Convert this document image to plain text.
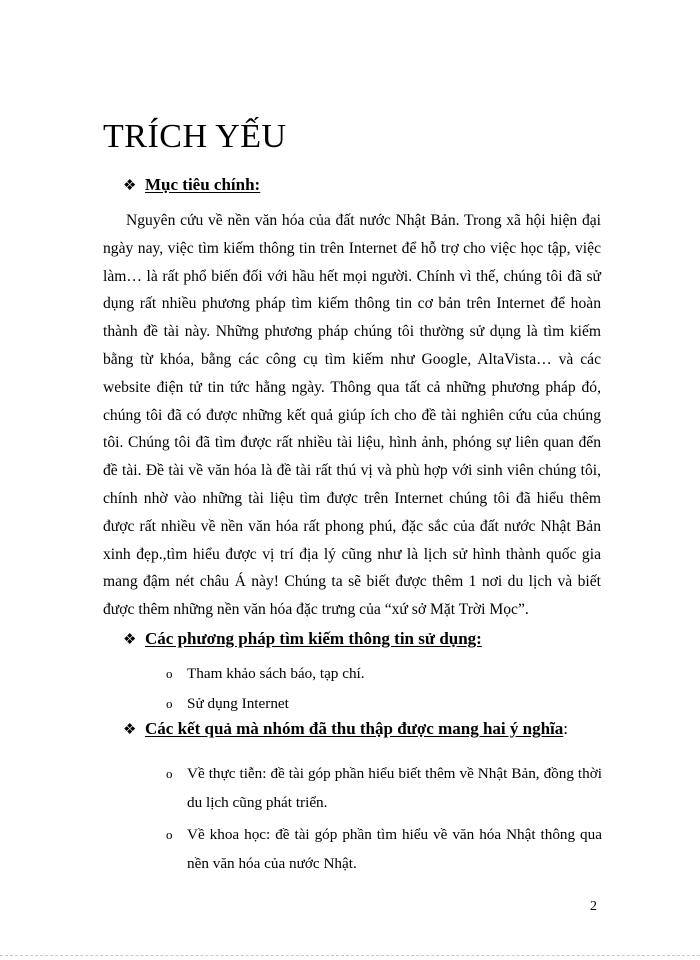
TRÍCH YẾU
❖ Mục tiêu chính:

Nguyên cứu về nền văn hóa của đất nước Nhật Bản. Trong xã hội hiện đại ngày nay, việc tìm kiếm thông tin trên Internet để hỗ trợ cho việc học tập, việc làm… là rất phổ biến đối với hầu hết mọi người. Chính vì thế, chúng tôi đã sử dụng rất nhiều phương pháp tìm kiếm thông tin cơ bản trên Internet để hoàn thành đề tài này. Những phương pháp chúng tôi thường sử dụng là tìm kiếm bằng từ khóa, bằng các công cụ tìm kiếm như Google, AltaVista… và các website điện tử tin tức hằng ngày. Thông qua tất cả những phương pháp đó, chúng tôi đã có được những kết quả giúp ích cho đề tài nghiên cứu của chúng tôi. Chúng tôi đã tìm được rất nhiều tài liệu, hình ảnh, phóng sự liên quan đến đề tài. Đề tài về văn hóa là đề tài rất thú vị và phù hợp với sinh viên chúng tôi, chính nhờ vào những tài liệu tìm được trên Internet chúng tôi đã hiểu thêm được rất nhiều về nền văn hóa rất phong phú, đặc sắc của đất nước Nhật Bản xinh đẹp.,tìm hiểu được vị trí địa lý cũng như là lịch sử hình thành quốc gia mang đậm nét châu Á này! Chúng ta sẽ biết được thêm 1 nơi du lịch và biết được thêm những nền văn hóa đặc trưng của “xứ sở Mặt Trời Mọc”.

❖ Các phương pháp tìm kiếm thông tin sử dụng:
o Tham khảo sách báo, tạp chí.
o Sử dụng Internet
❖ Các kết quả mà nhóm đã thu thập được mang hai ý nghĩa:
o Về thực tiễn: đề tài góp phần hiểu biết thêm về Nhật Bản, đồng thời du lịch cũng phát triển.
o Về khoa học: đề tài góp phần tìm hiểu về văn hóa Nhật thông qua nền văn hóa của nước Nhật.
2
